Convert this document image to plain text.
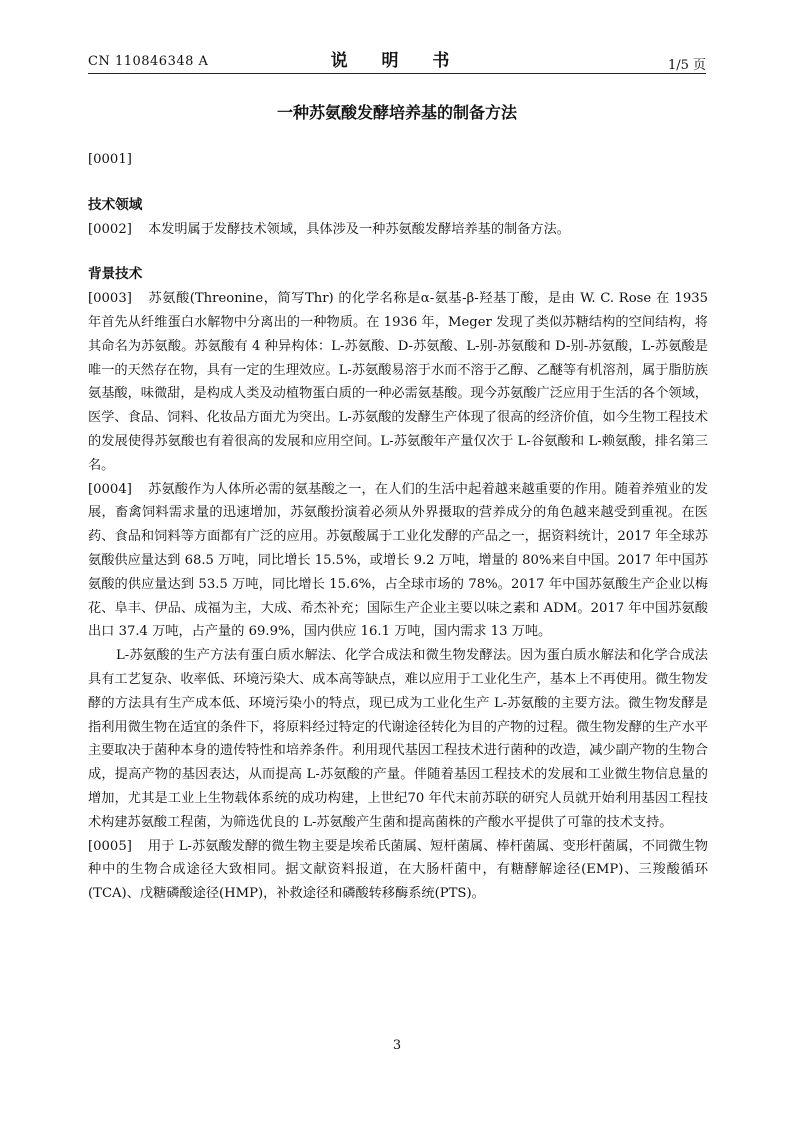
CN 110846348 A	说 明 书	1/5 页
一种苏氨酸发酵培养基的制备方法

[0001]

技术领域

[0002] 本发明属于发酵技术领域，具体涉及一种苏氨酸发酵培养基的制备方法。

背景技术

[0003] 苏氨酸(Threonine，简写Thr) 的化学名称是α-氨基-β-羟基丁酸，是由 W. C. Rose 在 1935 年首先从纤维蛋白水解物中分离出的一种物质。在 1936 年，Meger 发现了类似苏糖结构的空间结构，将其命名为苏氨酸。苏氨酸有 4 种异构体：L-苏氨酸、D-苏氨酸、L-别-苏氨酸和 D-别-苏氨酸，L-苏氨酸是唯一的天然存在物，具有一定的生理效应。L-苏氨酸易溶于水而不溶于乙醇、乙醚等有机溶剂，属于脂肪族氨基酸，味微甜，是构成人类及动植物蛋白质的一种必需氨基酸。现今苏氨酸广泛应用于生活的各个领域，医学、食品、饲料、化妆品方面尤为突出。L-苏氨酸的发酵生产体现了很高的经济价值，如今生物工程技术的发展使得苏氨酸也有着很高的发展和应用空间。L-苏氨酸年产量仅次于 L-谷氨酸和 L-赖氨酸，排名第三名。

[0004] 苏氨酸作为人体所必需的氨基酸之一，在人们的生活中起着越来越重要的作用。随着养殖业的发展，畜禽饲料需求量的迅速增加，苏氨酸扮演着必须从外界摄取的营养成分的角色越来越受到重视。在医药、食品和饲料等方面都有广泛的应用。苏氨酸属于工业化发酵的产品之一，据资料统计，2017 年全球苏氨酸供应量达到 68.5 万吨，同比增长 15.5%，或增长 9.2 万吨，增量的 80%来自中国。2017 年中国苏氨酸的供应量达到 53.5 万吨，同比增长 15.6%，占全球市场的 78%。2017 年中国苏氨酸生产企业以梅花、阜丰、伊品、成福为主，大成、希杰补充；国际生产企业主要以味之素和 ADM。2017 年中国苏氨酸出口 37.4 万吨，占产量的 69.9%，国内供应 16.1 万吨，国内需求 13 万吨。

L-苏氨酸的生产方法有蛋白质水解法、化学合成法和微生物发酵法。因为蛋白质水解法和化学合成法具有工艺复杂、收率低、环境污染大、成本高等缺点，难以应用于工业化生产，基本上不再使用。微生物发酵的方法具有生产成本低、环境污染小的特点，现已成为工业化生产 L-苏氨酸的主要方法。微生物发酵是指利用微生物在适宜的条件下，将原料经过特定的代谢途径转化为目的产物的过程。微生物发酵的生产水平主要取决于菌种本身的遗传特性和培养条件。利用现代基因工程技术进行菌种的改造，减少副产物的生物合成，提高产物的基因表达，从而提高 L-苏氨酸的产量。伴随着基因工程技术的发展和工业微生物信息量的增加，尤其是工业上生物载体系统的成功构建，上世纪70 年代末前苏联的研究人员就开始利用基因工程技术构建苏氨酸工程菌，为筛选优良的 L-苏氨酸产生菌和提高菌株的产酸水平提供了可靠的技术支持。

[0005] 用于 L-苏氨酸发酵的微生物主要是埃希氏菌属、短杆菌属、棒杆菌属、变形杆菌属，不同微生物种中的生物合成途径大致相同。据文献资料报道，在大肠杆菌中，有糖酵解途径(EMP)、三羧酸循环(TCA)、戊糖磷酸途径(HMP)，补救途径和磷酸转移酶系统(PTS)。

3
